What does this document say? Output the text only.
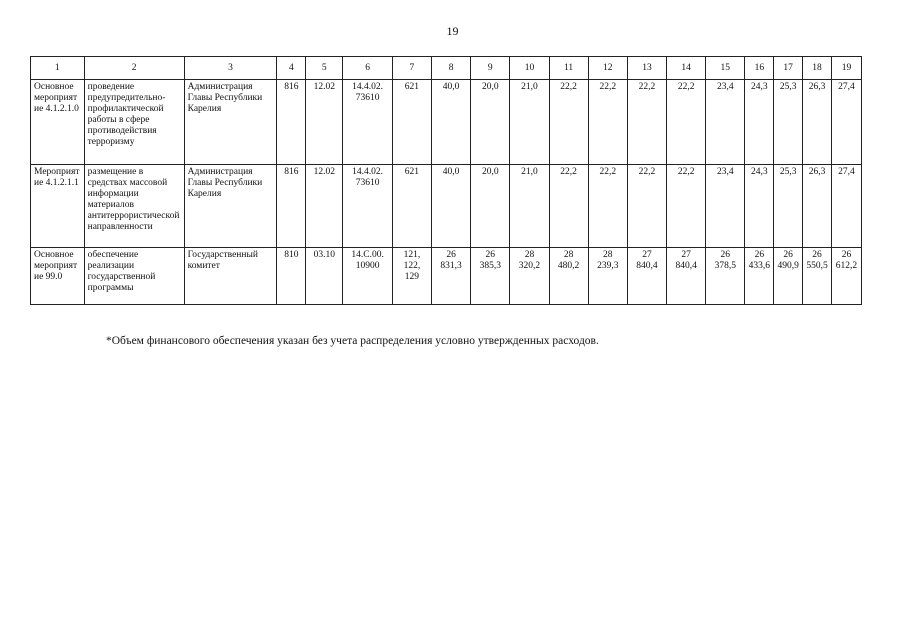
19
1	2	3	4	5	6	7	8	9	10	11	12	13	14	15	16	17	18	19
Основное мероприятие 4.1.2.1.0	проведение предупредительно-профилактической работы в сфере противодействия терроризму	Администрация Главы Республики Карелия	816	12.02	14.4.02. 73610	621	40,0	20,0	21,0	22,2	22,2	22,2	22,2	23,4	24,3	25,3	26,3	27,4
Мероприятие 4.1.2.1.1	размещение в средствах массовой информации материалов антитеррористической направленности	Администрация Главы Республики Карелия	816	12.02	14.4.02. 73610	621	40,0	20,0	21,0	22,2	22,2	22,2	22,2	23,4	24,3	25,3	26,3	27,4
Основное мероприятие 99.0	обеспечение реализации государственной программы	Государственный комитет	810	03.10	14.С.00. 10900	121, 122, 129	26 831,3	26 385,3	28 320,2	28 480,2	28 239,3	27 840,4	27 840,4	26 378,5	26 433,6	26 490,9	26 550,5	26 612,2
*Объем финансового обеспечения указан без учета распределения условно утвержденных расходов.
